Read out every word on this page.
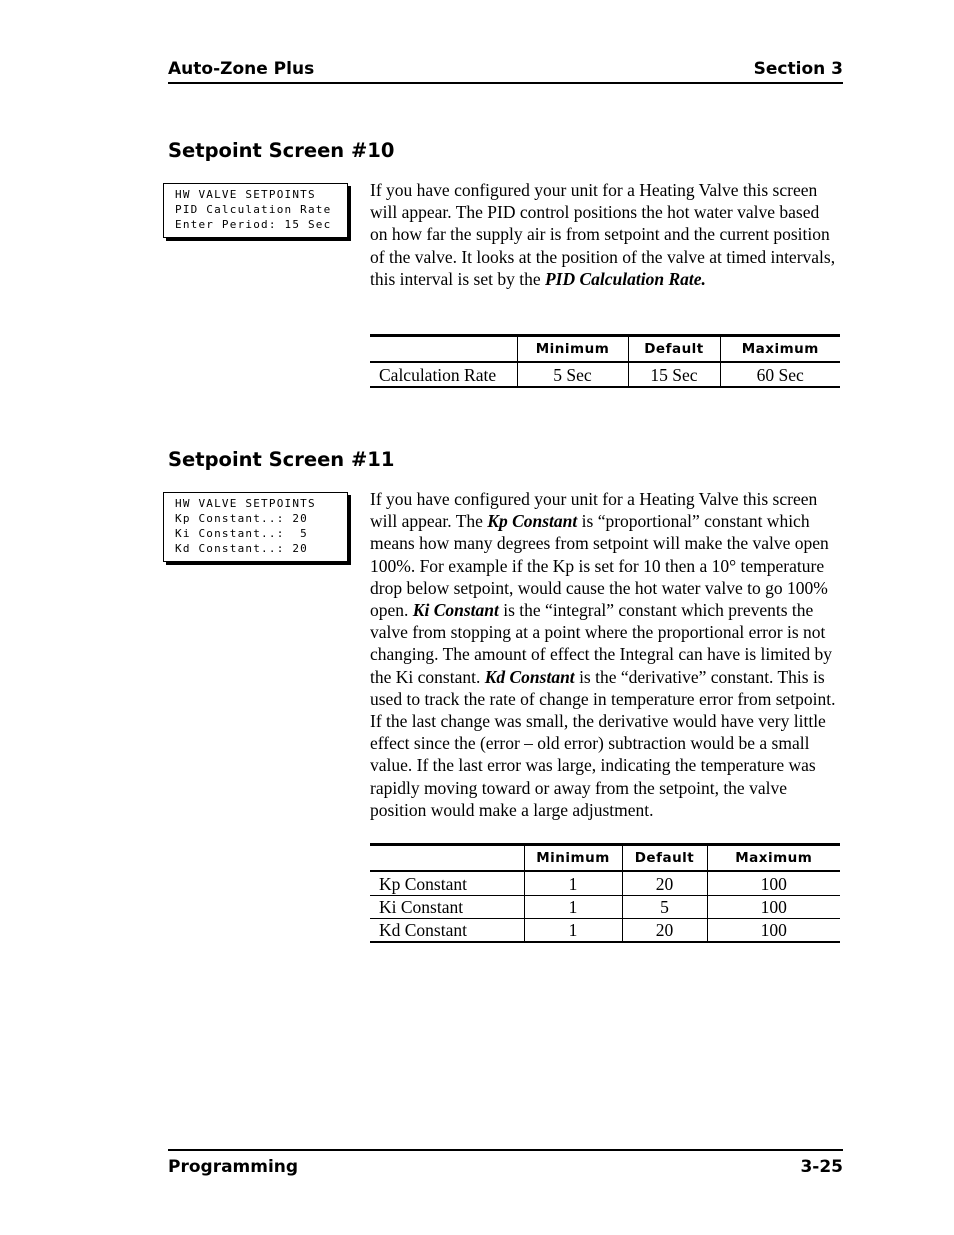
Auto-Zone Plus	Section 3
Setpoint Screen #10
HW VALVE SETPOINTS
PID Calculation Rate
Enter Period: 15 Sec
If you have configured your unit for a Heating Valve this screen will appear. The PID control positions the hot water valve based on how far the supply air is from setpoint and the current position of the valve. It looks at the position of the valve at timed intervals, this interval is set by the PID Calculation Rate.
	Minimum	Default	Maximum
Calculation Rate	5 Sec	15 Sec	60 Sec
Setpoint Screen #11
HW VALVE SETPOINTS
Kp Constant..: 20
Ki Constant..:  5
Kd Constant..: 20
If you have configured your unit for a Heating Valve this screen will appear. The Kp Constant is “proportional” constant which means how many degrees from setpoint will make the valve open 100%. For example if the Kp is set for 10 then a 10° temperature drop below setpoint, would cause the hot water valve to go 100% open. Ki Constant is the “integral” constant which prevents the valve from stopping at a point where the proportional error is not changing. The amount of effect the Integral can have is limited by the Ki constant. Kd Constant is the “derivative” constant. This is used to track the rate of change in temperature error from setpoint. If the last change was small, the derivative would have very little effect since the (error – old error) subtraction would be a small value. If the last error was large, indicating the temperature was rapidly moving toward or away from the setpoint, the valve position would make a large adjustment.
	Minimum	Default	Maximum
Kp Constant	1	20	100
Ki Constant	1	5	100
Kd Constant	1	20	100
Programming	3-25
